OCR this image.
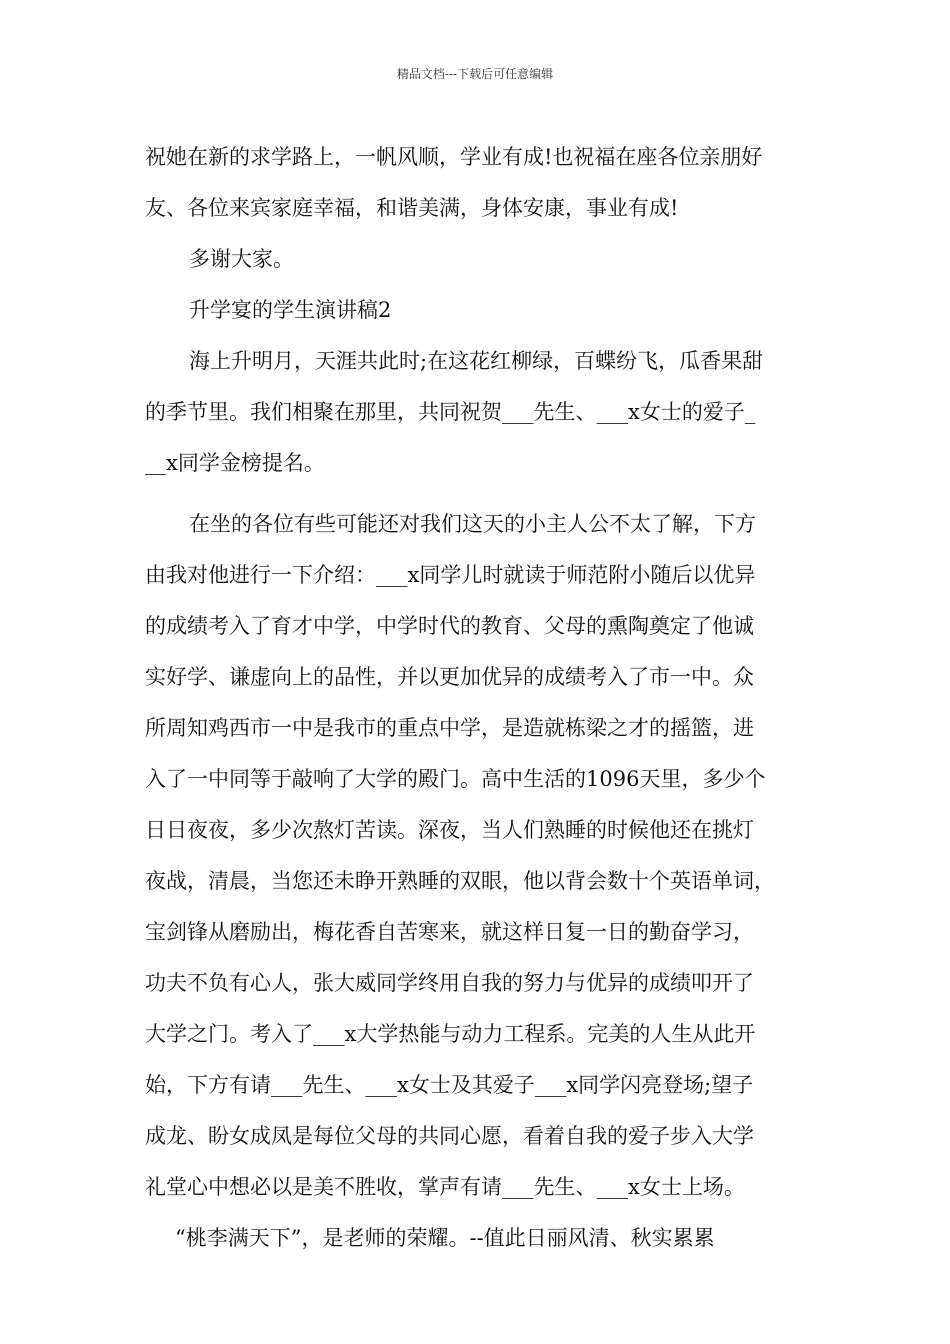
精品文档---下载后可任意编辑
祝她在新的求学路上，一帆风顺，学业有成!也祝福在座各位亲朋好
友、各位来宾家庭幸福，和谐美满，身体安康，事业有成!
多谢大家。
升学宴的学生演讲稿2
海上升明月，天涯共此时;在这花红柳绿，百蝶纷飞，瓜香果甜
的季节里。我们相聚在那里，共同祝贺___先生、___x女士的爱子_
__x同学金榜提名。
在坐的各位有些可能还对我们这天的小主人公不太了解，下方
由我对他进行一下介绍：___x同学儿时就读于师范附小随后以优异
的成绩考入了育才中学，中学时代的教育、父母的熏陶奠定了他诚
实好学、谦虚向上的品性，并以更加优异的成绩考入了市一中。众
所周知鸡西市一中是我市的重点中学，是造就栋梁之才的摇篮，进
入了一中同等于敲响了大学的殿门。高中生活的1096天里，多少个
日日夜夜，多少次熬灯苦读。深夜，当人们熟睡的时候他还在挑灯
夜战，清晨，当您还未睁开熟睡的双眼，他以背会数十个英语单词，
宝剑锋从磨励出，梅花香自苦寒来，就这样日复一日的勤奋学习，
功夫不负有心人，张大威同学终用自我的努力与优异的成绩叩开了
大学之门。考入了___x大学热能与动力工程系。完美的人生从此开
始，下方有请___先生、___x女士及其爱子___x同学闪亮登场;望子
成龙、盼女成凤是每位父母的共同心愿，看着自我的爱子步入大学
礼堂心中想必以是美不胜收，掌声有请___先生、___x女士上场。
“桃李满天下”，是老师的荣耀。--值此日丽风清、秋实累累
